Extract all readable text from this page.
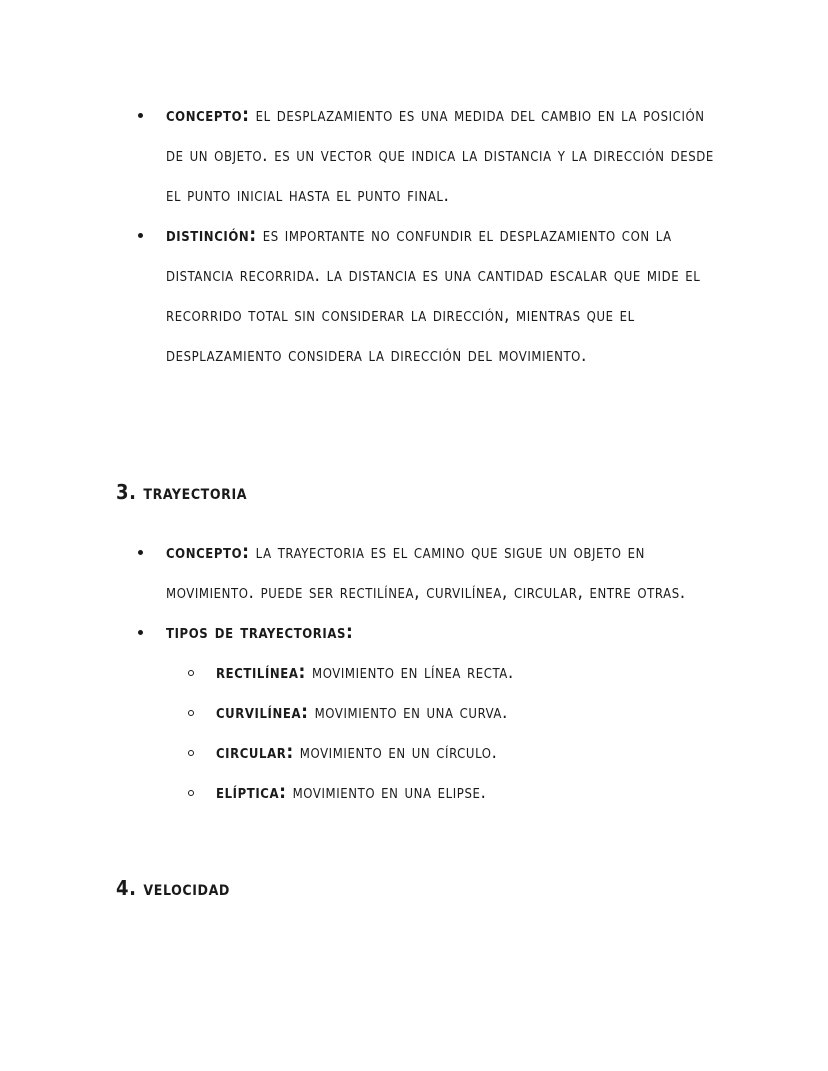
concepto: el desplazamiento es una medida del cambio en la posición de un objeto. es un vector que indica la distancia y la dirección desde el punto inicial hasta el punto final.
distinción: es importante no confundir el desplazamiento con la distancia recorrida. la distancia es una cantidad escalar que mide el recorrido total sin considerar la dirección, mientras que el desplazamiento considera la dirección del movimiento.
3. trayectoria
concepto: la trayectoria es el camino que sigue un objeto en movimiento. puede ser rectilínea, curvilínea, circular, entre otras.
tipos de trayectorias:
rectilínea: movimiento en línea recta.
curvilínea: movimiento en una curva.
circular: movimiento en un círculo.
elíptica: movimiento en una elipse.
4. velocidad
